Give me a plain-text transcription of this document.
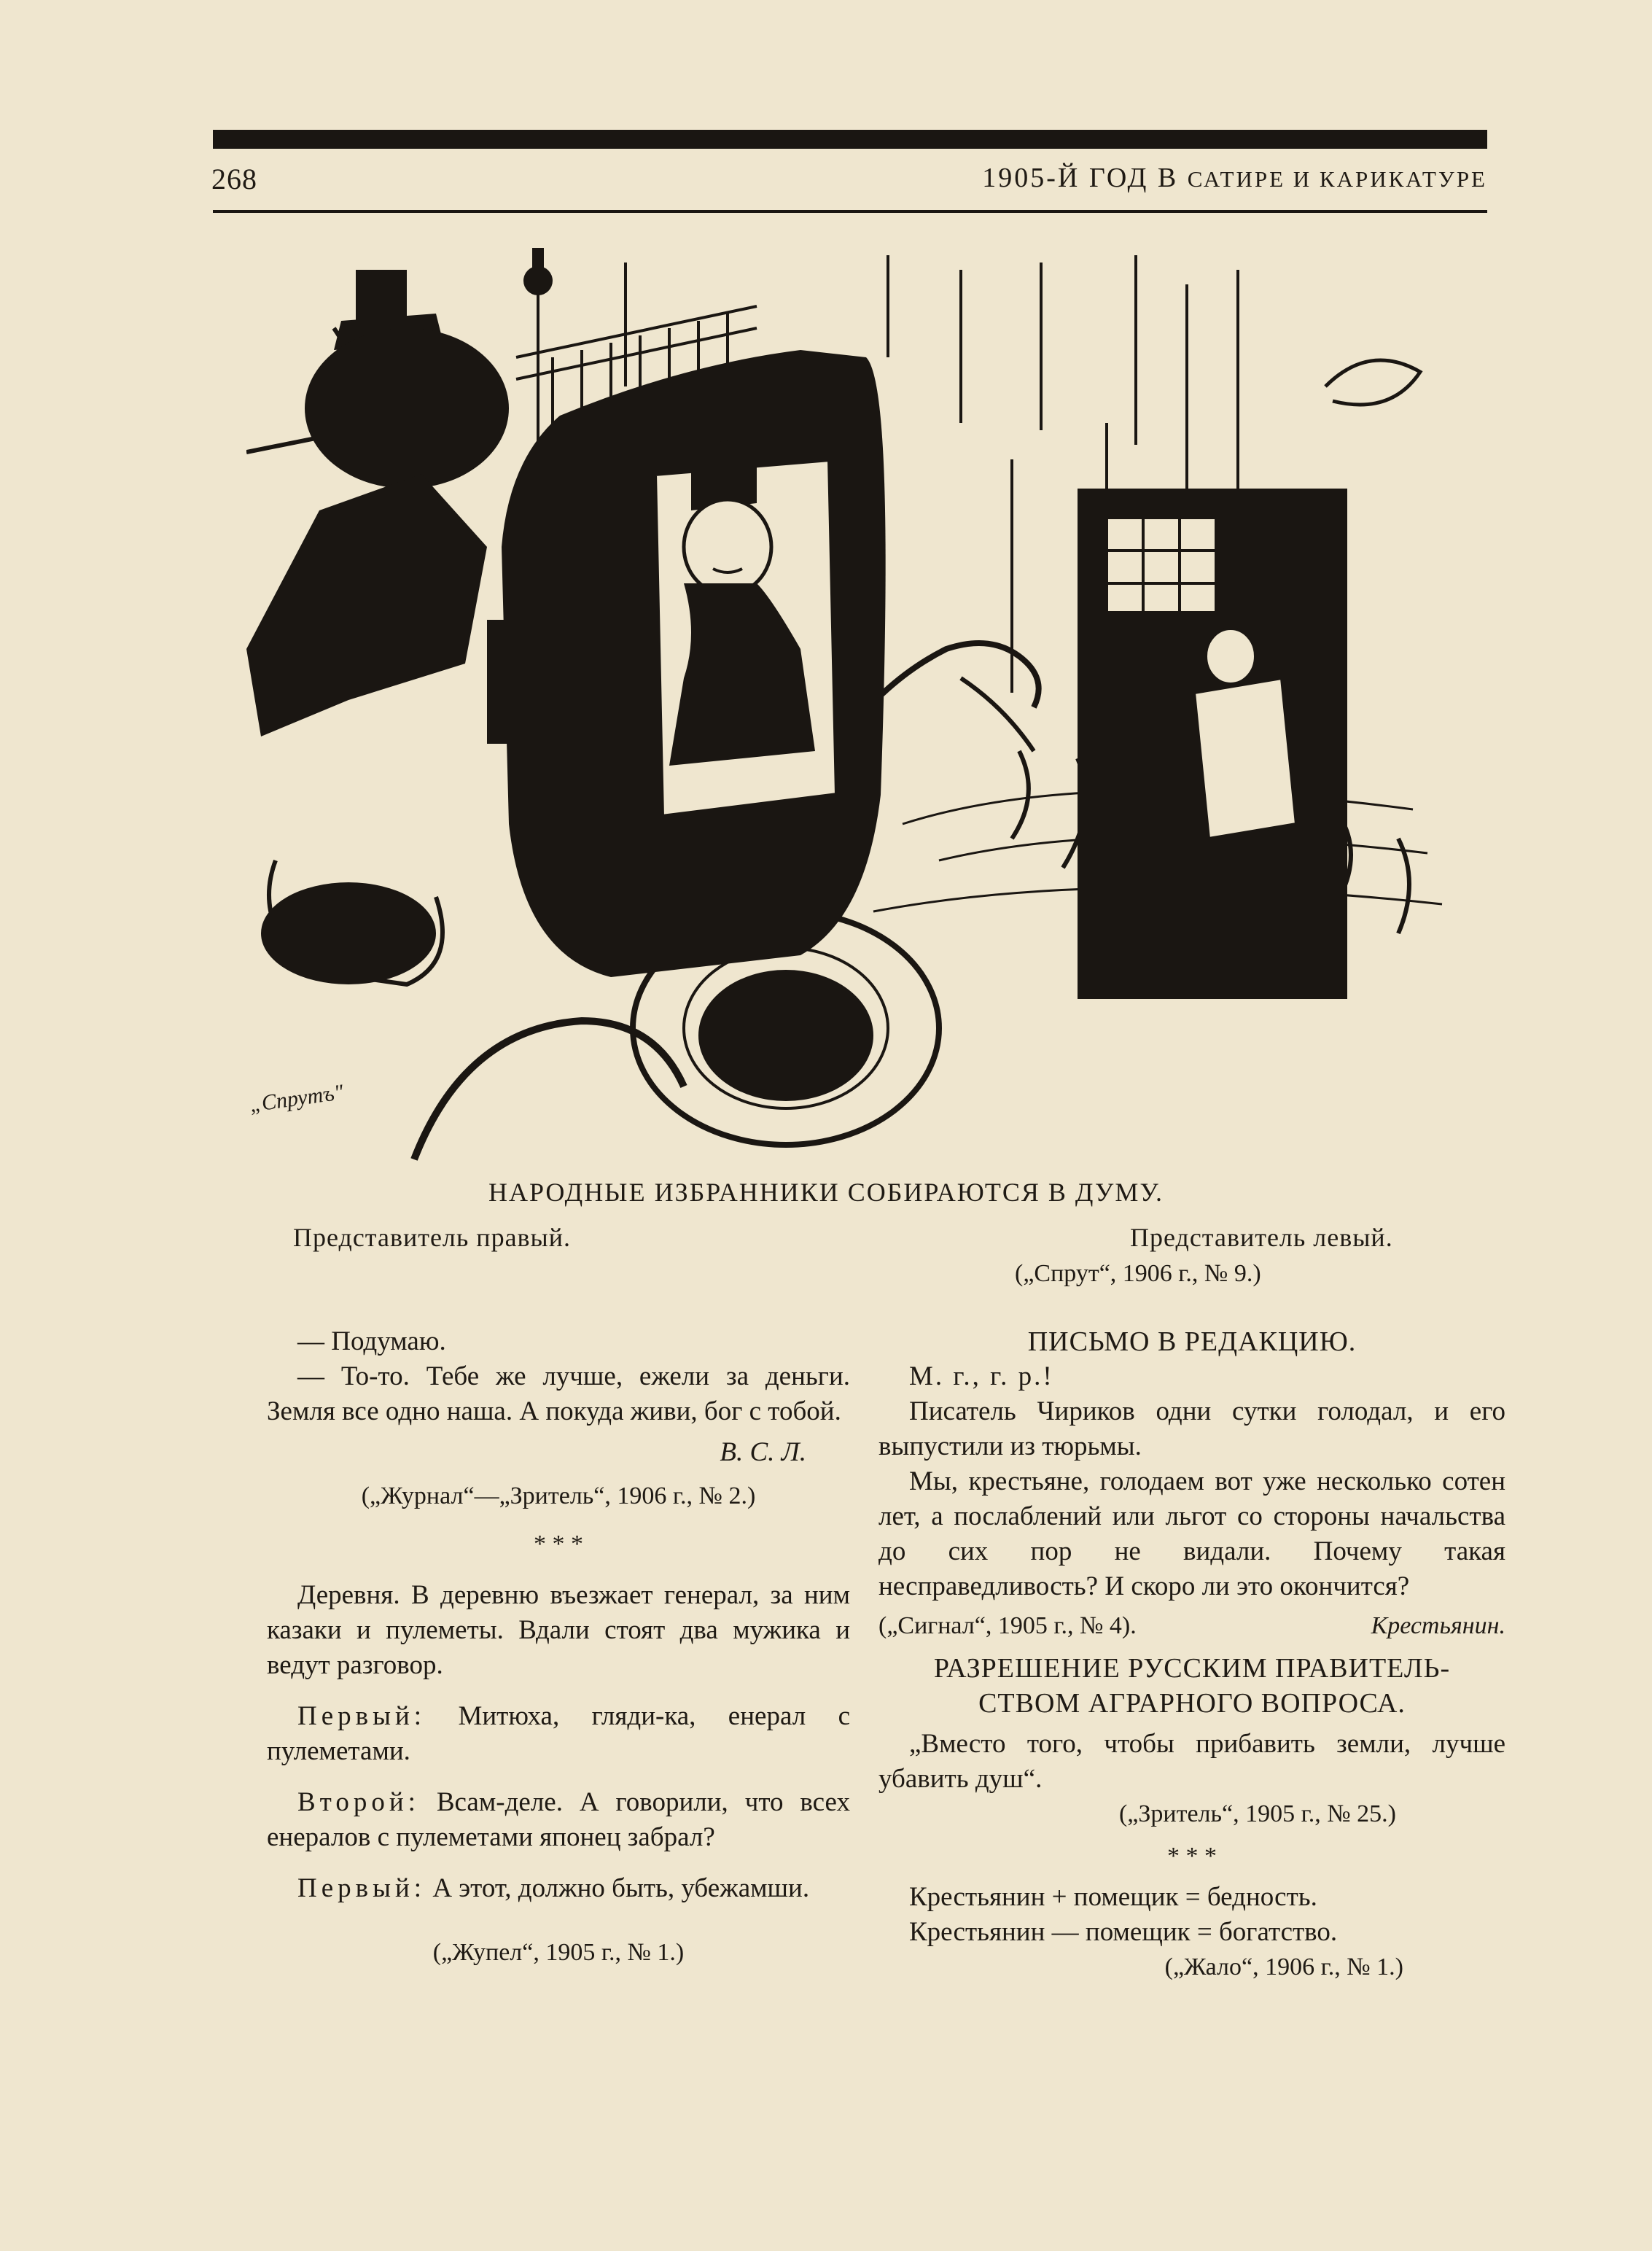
268	1905-Й ГОД В САТИРЕ И КАРИКАТУРЕ
„Спрутъ"
НАРОДНЫЕ ИЗБРАННИКИ СОБИРАЮТСЯ В ДУМУ.
Представитель правый.	Представитель левый.
(„Спрут“, 1906 г., № 9.)

— Подумаю.

— То-то. Тебе же лучше, ежели за деньги. Земля все одно наша. А покуда живи, бог с тобой.

В. С. Л.

(„Журнал“—„Зритель“, 1906 г., № 2.)

* * *

Деревня. В деревню въезжает генерал, за ним казаки и пулеметы. Вдали стоят два мужика и ведут разговор.

Первый: Митюха, гляди-ка, енерал с пулеметами.

Второй: Всам-деле. А говорили, что всех енералов с пулеметами японец забрал?

Первый: А этот, должно быть, убежамши.

(„Жупел“, 1905 г., № 1.)

ПИСЬМО В РЕДАКЦИЮ.

М. г., г. р.!

Писатель Чириков одни сутки голодал, и его выпустили из тюрьмы.

Мы, крестьяне, голодаем вот уже несколько сотен лет, а послаблений или льгот со стороны начальства до сих пор не видали. Почему такая несправедливость? И скоро ли это окончится?

(„Сигнал“, 1905 г., № 4).	Крестьянин.

РАЗРЕШЕНИЕ РУССКИМ ПРАВИТЕЛЬ-

СТВОМ АГРАРНОГО ВОПРОСА.

„Вместо того, чтобы прибавить земли, лучше убавить душ“.

(„Зритель“, 1905 г., № 25.)

* * *

Крестьянин + помещик = бедность.

Крестьянин — помещик = богатство.

(„Жало“, 1906 г., № 1.)
